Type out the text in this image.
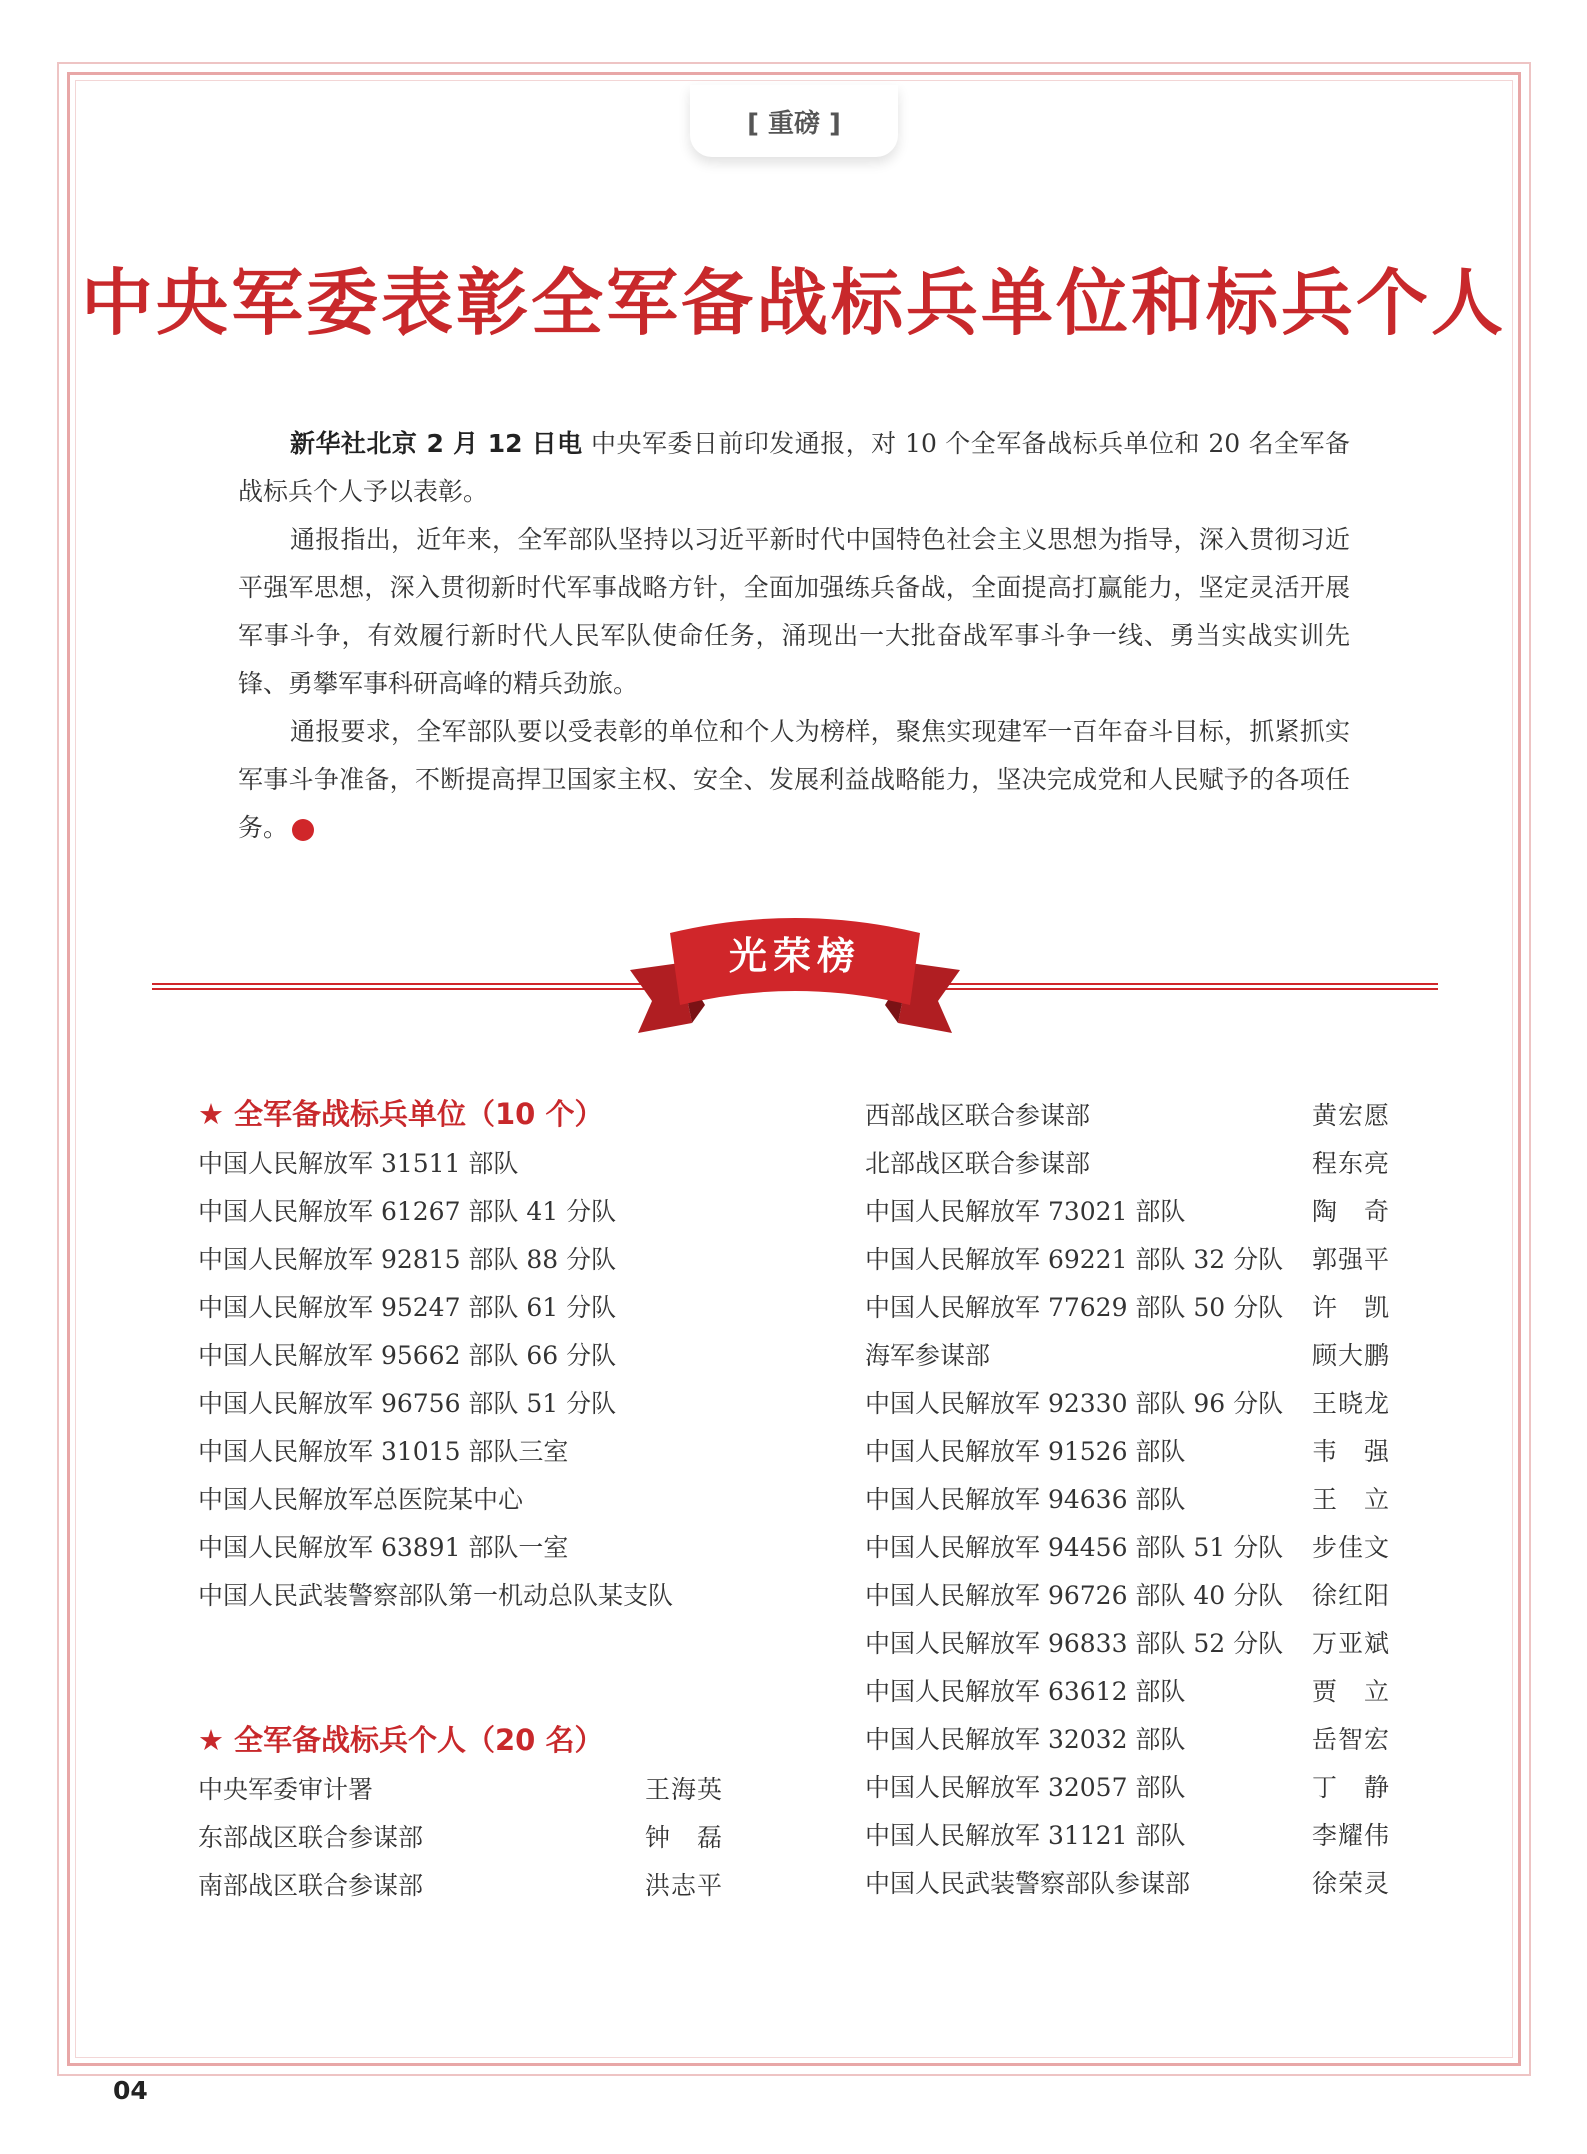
[ 重磅 ]
中央军委表彰全军备战标兵单位和标兵个人

新华社北京 2 月 12 日电 中央军委日前印发通报，对 10 个全军备战标兵单位和 20 名全军备战标兵个人予以表彰。

通报指出，近年来，全军部队坚持以习近平新时代中国特色社会主义思想为指导，深入贯彻习近平强军思想，深入贯彻新时代军事战略方针，全面加强练兵备战，全面提高打赢能力，坚定灵活开展军事斗争，有效履行新时代人民军队使命任务，涌现出一大批奋战军事斗争一线、勇当实战实训先锋、勇攀军事科研高峰的精兵劲旅。

通报要求，全军部队要以受表彰的单位和个人为榜样，聚焦实现建军一百年奋斗目标，抓紧抓实军事斗争准备，不断提高捍卫国家主权、安全、发展利益战略能力，坚决完成党和人民赋予的各项任务。	N

光荣榜
★ 全军备战标兵单位（10 个）
中国人民解放军 31511 部队
中国人民解放军 61267 部队 41 分队
中国人民解放军 92815 部队 88 分队
中国人民解放军 95247 部队 61 分队
中国人民解放军 95662 部队 66 分队
中国人民解放军 96756 部队 51 分队
中国人民解放军 31015 部队三室
中国人民解放军总医院某中心
中国人民解放军 63891 部队一室
中国人民武装警察部队第一机动总队某支队
★ 全军备战标兵个人（20 名）
中央军委审计署	王海英
东部战区联合参谋部	钟　磊
南部战区联合参谋部	洪志平
西部战区联合参谋部	黄宏愿
北部战区联合参谋部	程东亮
中国人民解放军 73021 部队	陶　奇
中国人民解放军 69221 部队 32 分队 郭强平
中国人民解放军 77629 部队 50 分队 许　凯
海军参谋部	顾大鹏
中国人民解放军 92330 部队 96 分队 王晓龙
中国人民解放军 91526 部队	韦　强
中国人民解放军 94636 部队	王　立
中国人民解放军 94456 部队 51 分队 步佳文
中国人民解放军 96726 部队 40 分队 徐红阳
中国人民解放军 96833 部队 52 分队 万亚斌
中国人民解放军 63612 部队	贾　立
中国人民解放军 32032 部队	岳智宏
中国人民解放军 32057 部队	丁　静
中国人民解放军 31121 部队	李耀伟
中国人民武装警察部队参谋部	徐荣灵
04
